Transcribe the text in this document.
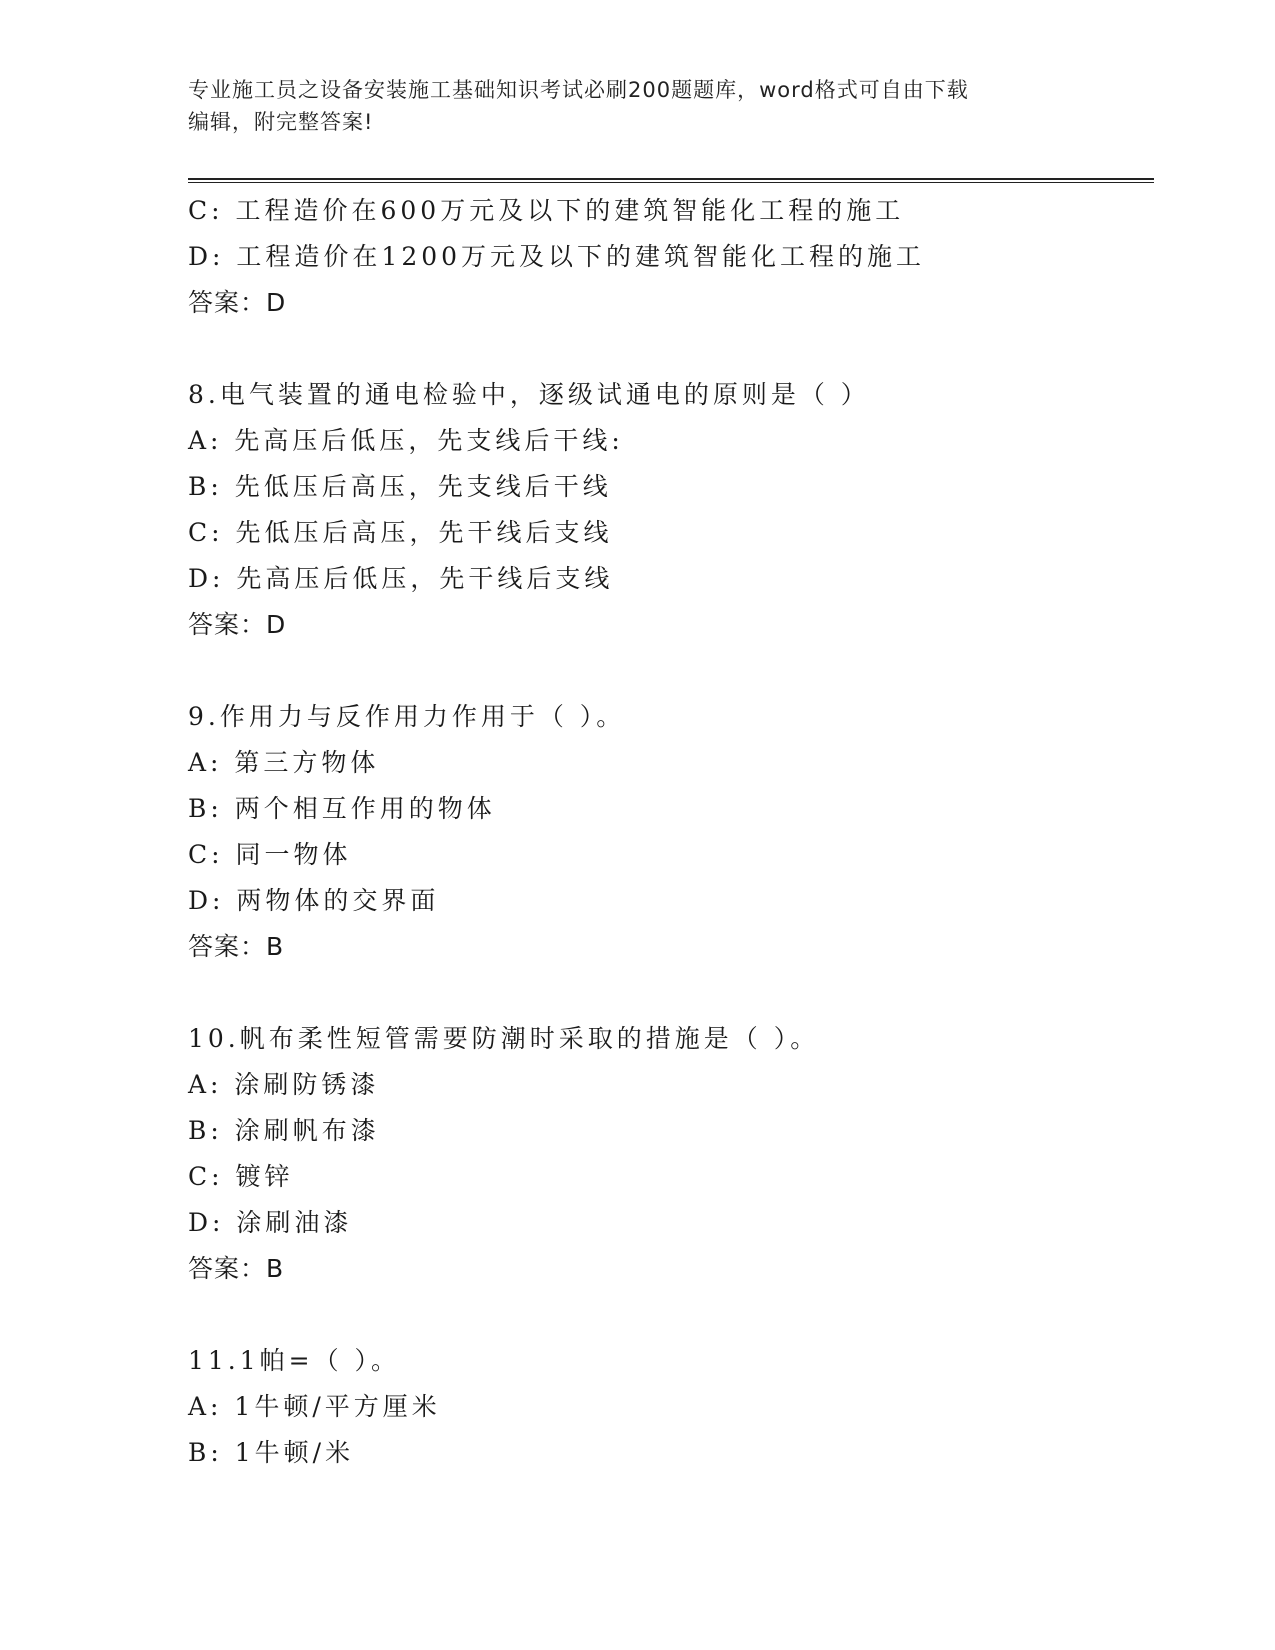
专业施工员之设备安装施工基础知识考试必刷200题题库，word格式可自由下载
编辑，附完整答案!
C: 工程造价在600万元及以下的建筑智能化工程的施工
D: 工程造价在1200万元及以下的建筑智能化工程的施工
答案：D
8.电气装置的通电检验中，逐级试通电的原则是（ ）
A: 先高压后低压，先支线后干线:
B: 先低压后高压，先支线后干线
C: 先低压后高压，先干线后支线
D: 先高压后低压，先干线后支线
答案：D
9.作用力与反作用力作用于（ ）。
A: 第三方物体
B: 两个相互作用的物体
C: 同一物体
D: 两物体的交界面
答案：B
10.帆布柔性短管需要防潮时采取的措施是（ ）。
A: 涂刷防锈漆
B: 涂刷帆布漆
C: 镀锌
D: 涂刷油漆
答案：B
11.1帕=（ ）。
A: 1牛顿/平方厘米
B: 1牛顿/米
